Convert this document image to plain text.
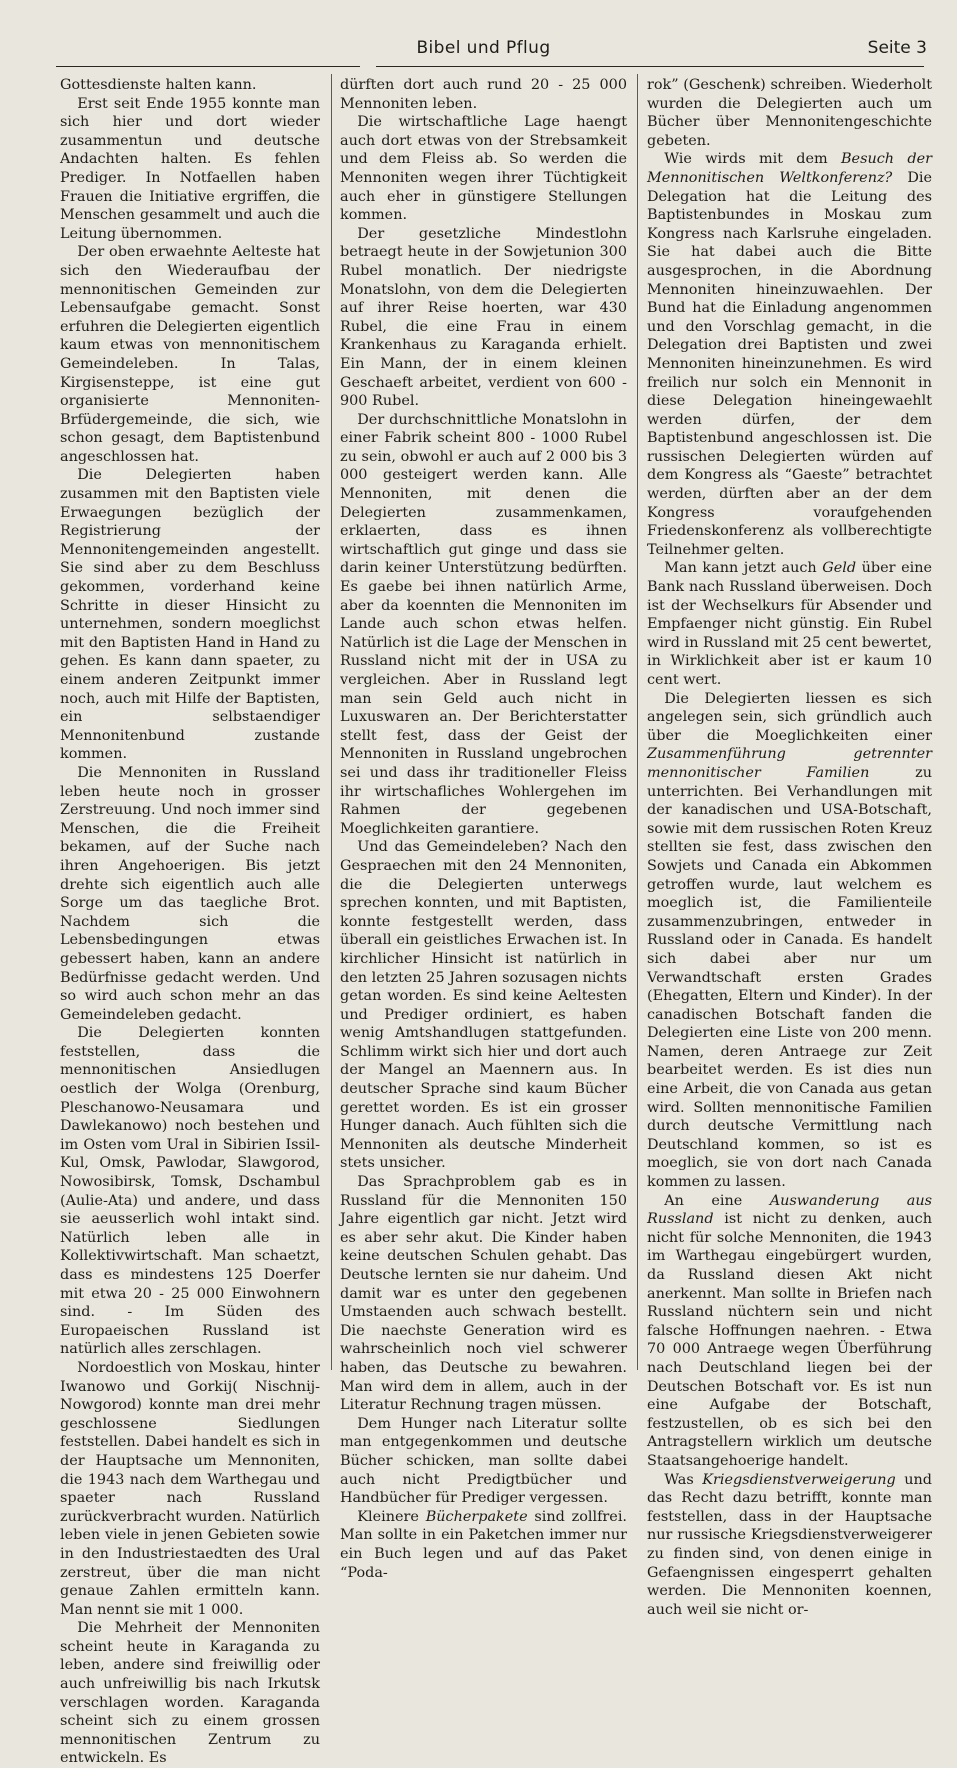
Bibel und Pflug	Seite 3

Gottesdienste halten kann.

Erst seit Ende 1955 konnte man sich hier und dort wieder zusammentun und deutsche Andachten halten. Es fehlen Prediger. In Notfaellen haben Frauen die Initiative ergriffen, die Menschen gesammelt und auch die Leitung übernommen.

Der oben erwaehnte Aelteste hat sich den Wiederaufbau der mennonitischen Gemeinden zur Lebensaufgabe gemacht. Sonst erfuhren die Delegierten eigentlich kaum etwas von mennonitischem Gemeindeleben. In Talas, Kirgisensteppe, ist eine gut organisierte Mennoniten-Brfüdergemeinde, die sich, wie schon gesagt, dem Baptistenbund angeschlossen hat.

Die Delegierten haben zusammen mit den Baptisten viele Erwaegungen bezüglich der Registrierung der Mennonitengemeinden angestellt. Sie sind aber zu dem Beschluss gekommen, vorderhand keine Schritte in dieser Hinsicht zu unternehmen, sondern moeglichst mit den Baptisten Hand in Hand zu gehen. Es kann dann spaeter, zu einem anderen Zeitpunkt immer noch, auch mit Hilfe der Baptisten, ein selbstaendiger Mennonitenbund zustande kommen.

Die Mennoniten in Russland leben heute noch in grosser Zerstreuung. Und noch immer sind Menschen, die die Freiheit bekamen, auf der Suche nach ihren Angehoerigen. Bis jetzt drehte sich eigentlich auch alle Sorge um das taegliche Brot. Nachdem sich die Lebensbedingungen etwas gebessert haben, kann an andere Bedürfnisse gedacht werden. Und so wird auch schon mehr an das Gemeindeleben gedacht.

Die Delegierten konnten feststellen, dass die mennonitischen Ansiedlugen oestlich der Wolga (Orenburg, Pleschanowo-Neusamara und Dawlekanowo) noch bestehen und im Osten vom Ural in Sibirien Issil-Kul, Omsk, Pawlodar, Slawgorod, Nowosibirsk, Tomsk, Dschambul (Aulie-Ata) und andere, und dass sie aeusserlich wohl intakt sind. Natürlich leben alle in Kollektivwirtschaft. Man schaetzt, dass es mindestens 125 Doerfer mit etwa 20 - 25 000 Einwohnern sind. - Im Süden des Europaeischen Russland ist natürlich alles zerschlagen.

Nordoestlich von Moskau, hinter Iwanowo und Gorkij( Nischnij-Nowgorod) konnte man drei mehr geschlossene Siedlungen feststellen. Dabei handelt es sich in der Hauptsache um Mennoniten, die 1943 nach dem Warthegau und spaeter nach Russland zurückverbracht wurden. Natürlich leben viele in jenen Gebieten sowie in den Industriestaedten des Ural zerstreut, über die man nicht genaue Zahlen ermitteln kann. Man nennt sie mit 1 000.

Die Mehrheit der Mennoniten scheint heute in Karaganda zu leben, andere sind freiwillig oder auch unfreiwillig bis nach Irkutsk verschlagen worden. Karaganda scheint sich zu einem grossen mennonitischen Zentrum zu entwickeln. Es

dürften dort auch rund 20 - 25 000 Mennoniten leben.

Die wirtschaftliche Lage haengt auch dort etwas von der Strebsamkeit und dem Fleiss ab. So werden die Mennoniten wegen ihrer Tüchtigkeit auch eher in günstigere Stellungen kommen.

Der gesetzliche Mindestlohn betraegt heute in der Sowjetunion 300 Rubel monatlich. Der niedrigste Monatslohn, von dem die Delegierten auf ihrer Reise hoerten, war 430 Rubel, die eine Frau in einem Krankenhaus zu Karaganda erhielt. Ein Mann, der in einem kleinen Geschaeft arbeitet, verdient von 600 - 900 Rubel.

Der durchschnittliche Monatslohn in einer Fabrik scheint 800 - 1000 Rubel zu sein, obwohl er auch auf 2 000 bis 3 000 gesteigert werden kann. Alle Mennoniten, mit denen die Delegierten zusammenkamen, erklaerten, dass es ihnen wirtschaftlich gut ginge und dass sie darin keiner Unterstützung bedürften. Es gaebe bei ihnen natürlich Arme, aber da koennten die Mennoniten im Lande auch schon etwas helfen. Natürlich ist die Lage der Menschen in Russland nicht mit der in USA zu vergleichen. Aber in Russland legt man sein Geld auch nicht in Luxuswaren an. Der Berichterstatter stellt fest, dass der Geist der Mennoniten in Russland ungebrochen sei und dass ihr traditioneller Fleiss ihr wirtschafliches Wohlergehen im Rahmen der gegebenen Moeglichkeiten garantiere.

Und das Gemeindeleben? Nach den Gespraechen mit den 24 Mennoniten, die die Delegierten unterwegs sprechen konnten, und mit Baptisten, konnte festgestellt werden, dass überall ein geistliches Erwachen ist. In kirchlicher Hinsicht ist natürlich in den letzten 25 Jahren sozusagen nichts getan worden. Es sind keine Aeltesten und Prediger ordiniert, es haben wenig Amtshandlugen stattgefunden. Schlimm wirkt sich hier und dort auch der Mangel an Maennern aus. In deutscher Sprache sind kaum Bücher gerettet worden. Es ist ein grosser Hunger danach. Auch fühlten sich die Mennoniten als deutsche Minderheit stets unsicher.

Das Sprachproblem gab es in Russland für die Mennoniten 150 Jahre eigentlich gar nicht. Jetzt wird es aber sehr akut. Die Kinder haben keine deutschen Schulen gehabt. Das Deutsche lernten sie nur daheim. Und damit war es unter den gegebenen Umstaenden auch schwach bestellt. Die naechste Generation wird es wahrscheinlich noch viel schwerer haben, das Deutsche zu bewahren. Man wird dem in allem, auch in der Literatur Rechnung tragen müssen.

Dem Hunger nach Literatur sollte man entgegenkommen und deutsche Bücher schicken, man sollte dabei auch nicht Predigtbücher und Handbücher für Prediger vergessen.

Kleinere Bücherpakete sind zollfrei. Man sollte in ein Paketchen immer nur ein Buch legen und auf das Paket “Poda-

rok” (Geschenk) schreiben. Wiederholt wurden die Delegierten auch um Bücher über Mennonitengeschichte gebeten.

Wie wirds mit dem Besuch der Mennonitischen Weltkonferenz? Die Delegation hat die Leitung des Baptistenbundes in Moskau zum Kongress nach Karlsruhe eingeladen. Sie hat dabei auch die Bitte ausgesprochen, in die Abordnung Mennoniten hineinzuwaehlen. Der Bund hat die Einladung angenommen und den Vorschlag gemacht, in die Delegation drei Baptisten und zwei Mennoniten hineinzunehmen. Es wird freilich nur solch ein Mennonit in diese Delegation hineingewaehlt werden dürfen, der dem Baptistenbund angeschlossen ist. Die russischen Delegierten würden auf dem Kongress als “Gaeste” betrachtet werden, dürften aber an der dem Kongress voraufgehenden Friedenskonferenz als vollberechtigte Teilnehmer gelten.

Man kann jetzt auch Geld über eine Bank nach Russland überweisen. Doch ist der Wechselkurs für Absender und Empfaenger nicht günstig. Ein Rubel wird in Russland mit 25 cent bewertet, in Wirklichkeit aber ist er kaum 10 cent wert.

Die Delegierten liessen es sich angelegen sein, sich gründlich auch über die Moeglichkeiten einer Zusammenführung getrennter mennonitischer Familien zu unterrichten. Bei Verhandlungen mit der kanadischen und USA-Botschaft, sowie mit dem russischen Roten Kreuz stellten sie fest, dass zwischen den Sowjets und Canada ein Abkommen getroffen wurde, laut welchem es moeglich ist, die Familienteile zusammenzubringen, entweder in Russland oder in Canada. Es handelt sich dabei aber nur um Verwandtschaft ersten Grades (Ehegatten, Eltern und Kinder). In der canadischen Botschaft fanden die Delegierten eine Liste von 200 menn. Namen, deren Antraege zur Zeit bearbeitet werden. Es ist dies nun eine Arbeit, die von Canada aus getan wird. Sollten mennonitische Familien durch deutsche Vermittlung nach Deutschland kommen, so ist es moeglich, sie von dort nach Canada kommen zu lassen.

An eine Auswanderung aus Russland ist nicht zu denken, auch nicht für solche Mennoniten, die 1943 im Warthegau eingebürgert wurden, da Russland diesen Akt nicht anerkennt. Man sollte in Briefen nach Russland nüchtern sein und nicht falsche Hoffnungen naehren. - Etwa 70 000 Antraege wegen Überführung nach Deutschland liegen bei der Deutschen Botschaft vor. Es ist nun eine Aufgabe der Botschaft, festzustellen, ob es sich bei den Antragstellern wirklich um deutsche Staatsangehoerige handelt.

Was Kriegsdienstverweigerung und das Recht dazu betrifft, konnte man feststellen, dass in der Hauptsache nur russische Kriegsdienstverweigerer zu finden sind, von denen einige in Gefaengnissen eingesperrt gehalten werden. Die Mennoniten koennen, auch weil sie nicht or-
